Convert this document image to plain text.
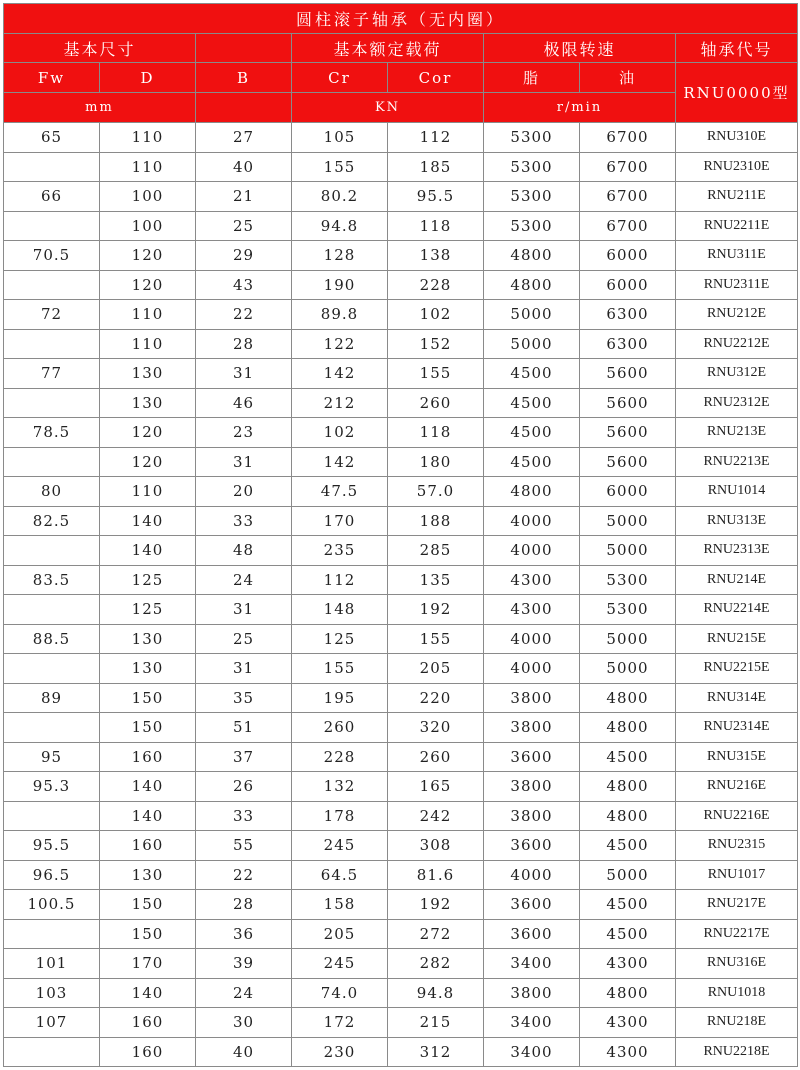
圆柱滚子轴承（无内圈）							
基本尺寸			基本额定载荷		极限转速		轴承代号
Fw	D	B	Cr	Cor	脂	油	RNU0000型
mm			KN		r/min		
65	110	27	105	112	5300	6700	RNU310E
	110	40	155	185	5300	6700	RNU2310E
66	100	21	80.2	95.5	5300	6700	RNU211E
	100	25	94.8	118	5300	6700	RNU2211E
70.5	120	29	128	138	4800	6000	RNU311E
	120	43	190	228	4800	6000	RNU2311E
72	110	22	89.8	102	5000	6300	RNU212E
	110	28	122	152	5000	6300	RNU2212E
77	130	31	142	155	4500	5600	RNU312E
	130	46	212	260	4500	5600	RNU2312E
78.5	120	23	102	118	4500	5600	RNU213E
	120	31	142	180	4500	5600	RNU2213E
80	110	20	47.5	57.0	4800	6000	RNU1014
82.5	140	33	170	188	4000	5000	RNU313E
	140	48	235	285	4000	5000	RNU2313E
83.5	125	24	112	135	4300	5300	RNU214E
	125	31	148	192	4300	5300	RNU2214E
88.5	130	25	125	155	4000	5000	RNU215E
	130	31	155	205	4000	5000	RNU2215E
89	150	35	195	220	3800	4800	RNU314E
	150	51	260	320	3800	4800	RNU2314E
95	160	37	228	260	3600	4500	RNU315E
95.3	140	26	132	165	3800	4800	RNU216E
	140	33	178	242	3800	4800	RNU2216E
95.5	160	55	245	308	3600	4500	RNU2315
96.5	130	22	64.5	81.6	4000	5000	RNU1017
100.5	150	28	158	192	3600	4500	RNU217E
	150	36	205	272	3600	4500	RNU2217E
101	170	39	245	282	3400	4300	RNU316E
103	140	24	74.0	94.8	3800	4800	RNU1018
107	160	30	172	215	3400	4300	RNU218E
	160	40	230	312	3400	4300	RNU2218E
